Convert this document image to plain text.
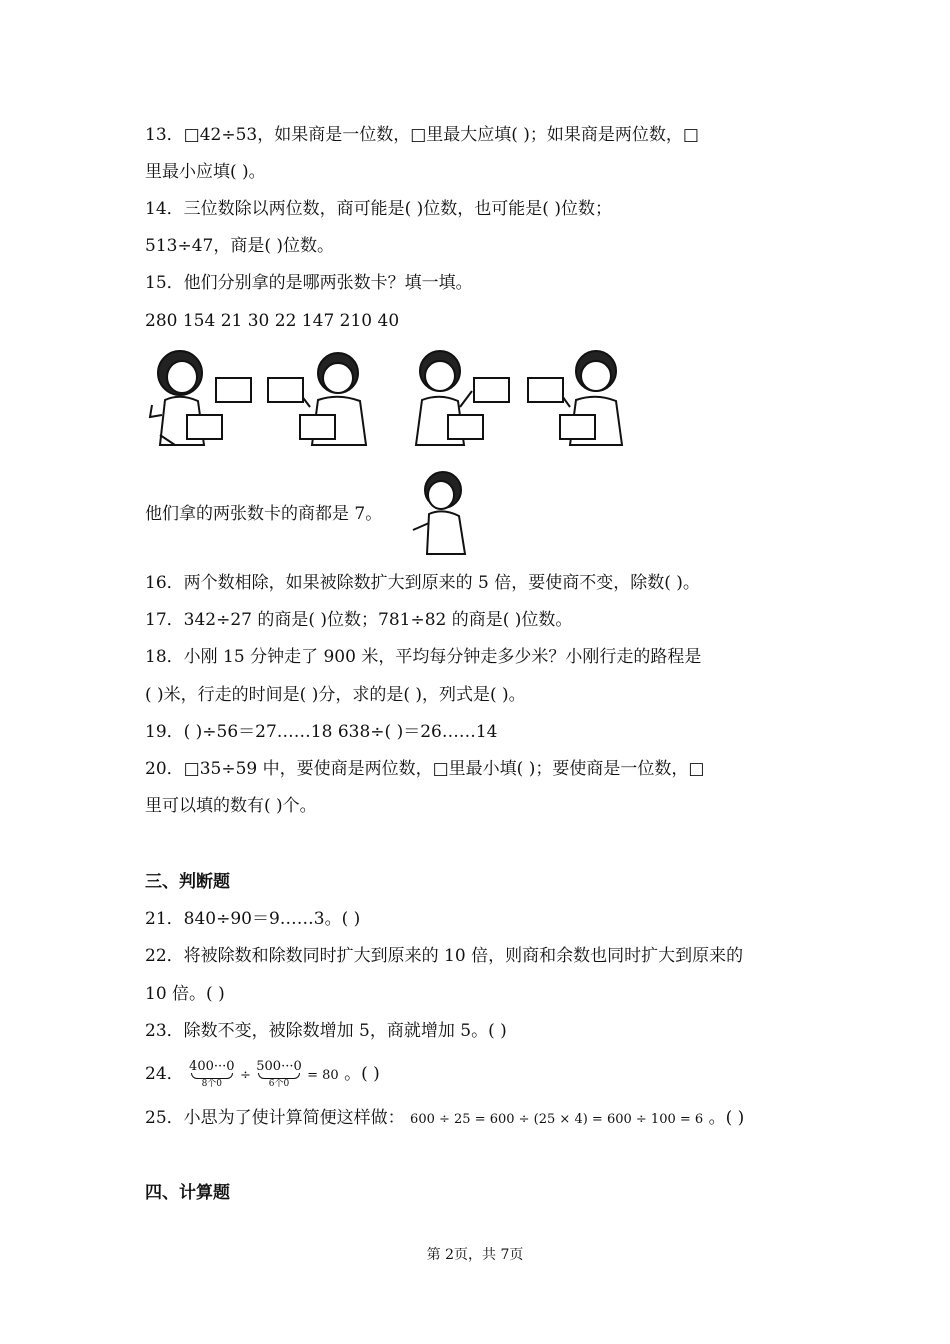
13．□42÷53，如果商是一位数，□里最大应填( )；如果商是两位数，□
里最小应填( )。
14．三位数除以两位数，商可能是( )位数，也可能是( )位数；
513÷47，商是( )位数。
15．他们分别拿的是哪两张数卡？填一填。
280 154 21 30 22 147 210 40
他们拿的两张数卡的商都是 7。
16．两个数相除，如果被除数扩大到原来的 5 倍，要使商不变，除数( )。
17．342÷27 的商是( )位数；781÷82 的商是( )位数。
18．小刚 15 分钟走了 900 米，平均每分钟走多少米？小刚行走的路程是
( )米，行走的时间是( )分，求的是( )，列式是( )。
19．( )÷56＝27……18 638÷( )＝26……14
20．□35÷59 中，要使商是两位数，□里最小填( )；要使商是一位数，□
里可以填的数有( )个。
三、判断题
21．840÷90＝9……3。( )
22．将被除数和除数同时扩大到原来的 10 倍，则商和余数也同时扩大到原来的
10 倍。( )
23．除数不变，被除数增加 5，商就增加 5。( )
24． 400···0
8个0
÷
500···0
6个0
= 80 。( )
25．小思为了使计算简便这样做： 600 ÷ 25 = 600 ÷ (25 × 4) = 600 ÷ 100 = 6 。( )
四、计算题
第 2页，共 7页
